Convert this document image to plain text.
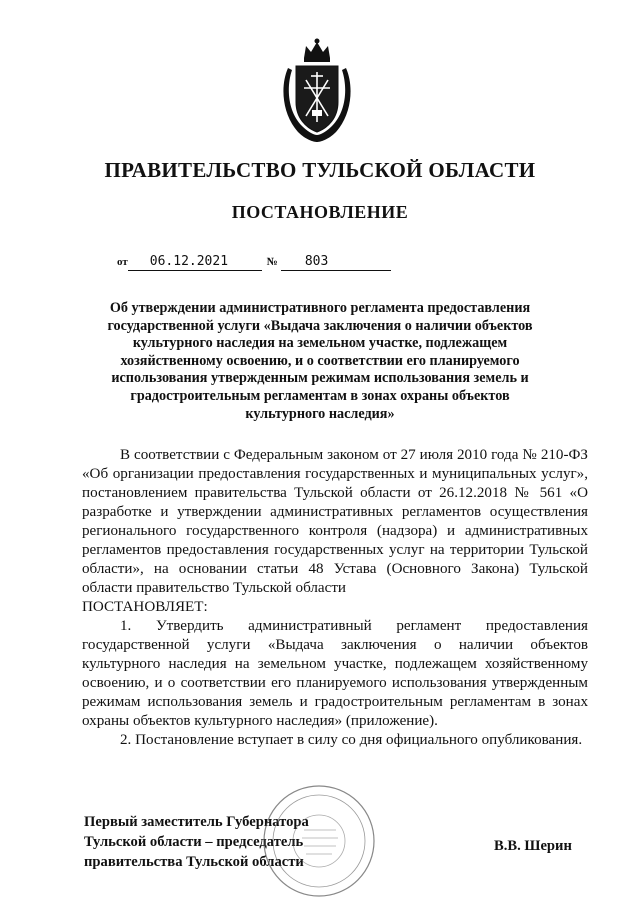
ПРАВИТЕЛЬСТВО ТУЛЬСКОЙ ОБЛАСТИ
ПОСТАНОВЛЕНИЕ
от 06.12.2021	№ 803
Об утверждении административного регламента предоставления государственной услуги «Выдача заключения о наличии объектов культурного наследия на земельном участке, подлежащем хозяйственному освоению, и о соответствии его планируемого использования утвержденным режимам использования земель и градостроительным регламентам в зонах охраны объектов культурного наследия»

В соответствии с Федеральным законом от 27 июля 2010 года № 210-ФЗ «Об организации предоставления государственных и муниципальных услуг», постановлением правительства Тульской области от 26.12.2018 № 561 «О разработке и утверждении административных регламентов осуществления регионального государственного контроля (надзора) и административных регламентов предоставления государственных услуг на территории Тульской области», на основании статьи 48 Устава (Основного Закона) Тульской области правительство Тульской области

ПОСТАНОВЛЯЕТ:

1. Утвердить административный регламент предоставления государственной услуги «Выдача заключения о наличии объектов культурного наследия на земельном участке, подлежащем хозяйственному освоению, и о соответствии его планируемого использования утвержденным режимам использования земель и градостроительным регламентам в зонах охраны объектов культурного наследия» (приложение).

2. Постановление вступает в силу со дня официального опубликования.

Первый заместитель Губернатора
Тульской области – председатель
правительства Тульской области
В.В. Шерин
